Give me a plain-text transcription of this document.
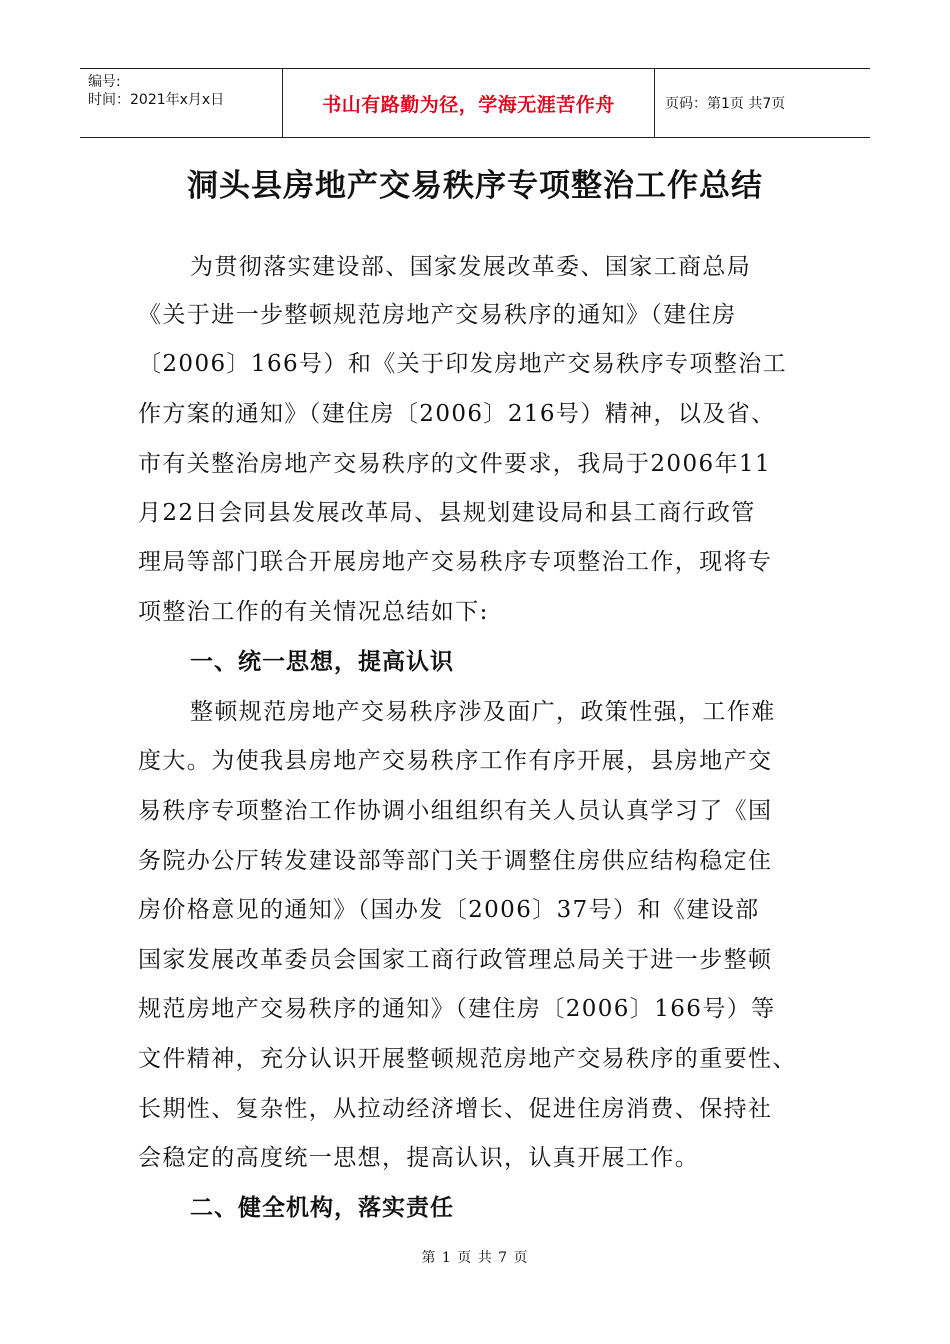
编号:
时间：2021年x月x日	书山有路勤为径，学海无涯苦作舟	页码：第1页 共7页
洞头县房地产交易秩序专项整治工作总结
为贯彻落实建设部、国家发展改革委、国家工商总局
《关于进一步整顿规范房地产交易秩序的通知》（建住房
〔2006〕166号）和《关于印发房地产交易秩序专项整治工
作方案的通知》（建住房〔2006〕216号）精神，以及省、
市有关整治房地产交易秩序的文件要求，我局于2006年11
月22日会同县发展改革局、县规划建设局和县工商行政管
理局等部门联合开展房地产交易秩序专项整治工作，现将专
项整治工作的有关情况总结如下:
一、统一思想，提高认识
整顿规范房地产交易秩序涉及面广，政策性强，工作难
度大。为使我县房地产交易秩序工作有序开展，县房地产交
易秩序专项整治工作协调小组组织有关人员认真学习了《国
务院办公厅转发建设部等部门关于调整住房供应结构稳定住
房价格意见的通知》（国办发〔2006〕37号）和《建设部
国家发展改革委员会国家工商行政管理总局关于进一步整顿
规范房地产交易秩序的通知》（建住房〔2006〕166号）等
文件精神，充分认识开展整顿规范房地产交易秩序的重要性、
长期性、复杂性，从拉动经济增长、促进住房消费、保持社
会稳定的高度统一思想，提高认识，认真开展工作。
二、健全机构，落实责任
第 1 页 共 7 页
